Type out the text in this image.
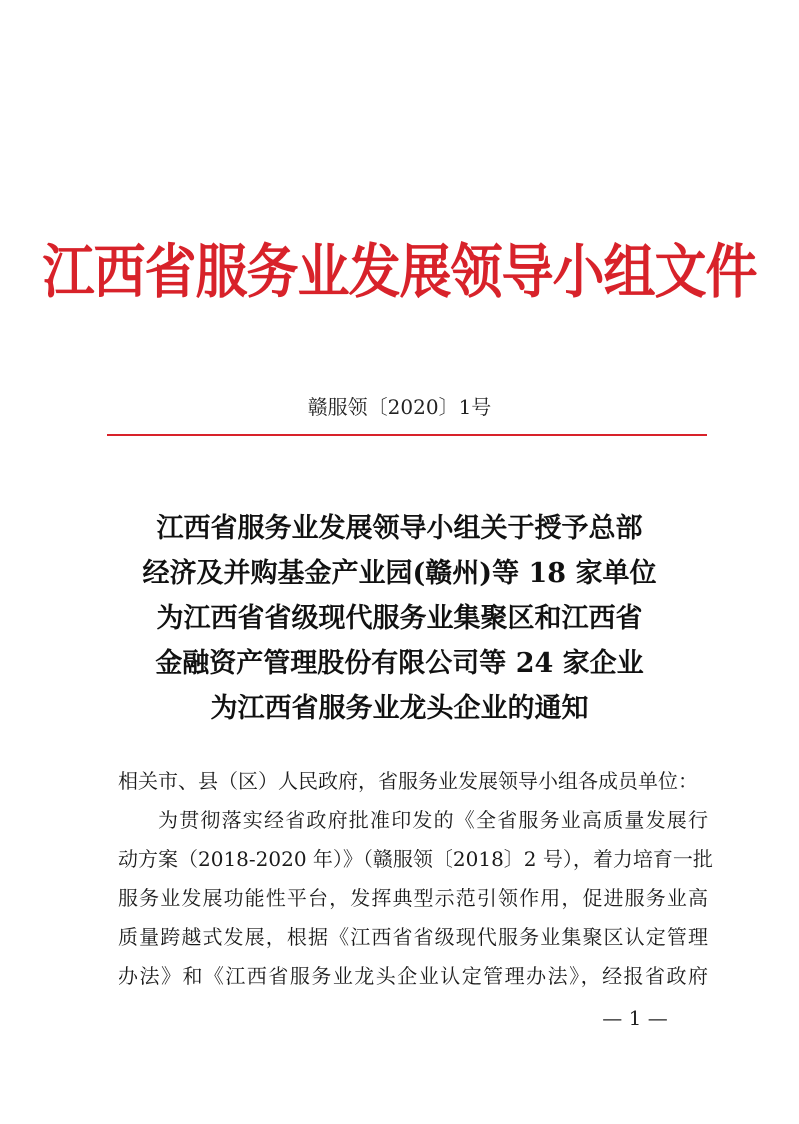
江西省服务业发展领导小组文件
赣服领〔2020〕1号
江西省服务业发展领导小组关于授予总部
经济及并购基金产业园(赣州)等 18 家单位
为江西省省级现代服务业集聚区和江西省
金融资产管理股份有限公司等 24 家企业
为江西省服务业龙头企业的通知
相关市、县（区）人民政府，省服务业发展领导小组各成员单位：
为贯彻落实经省政府批准印发的《全省服务业高质量发展行
动方案（2018-2020 年）》（赣服领〔2018〕2 号），着力培育一批
服务业发展功能性平台，发挥典型示范引领作用，促进服务业高
质量跨越式发展，根据《江西省省级现代服务业集聚区认定管理
办法》和《江西省服务业龙头企业认定管理办法》，经报省政府
— 1 —
